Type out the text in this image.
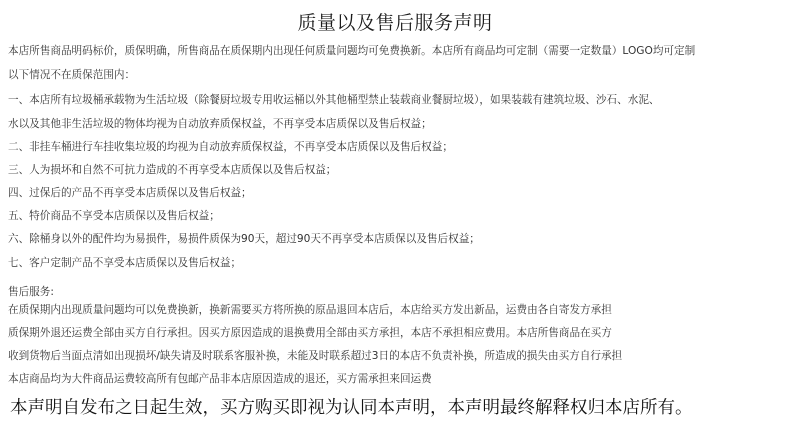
质量以及售后服务声明
本店所售商品明码标价，质保明确，所售商品在质保期内出现任何质量问题均可免费换新。本店所有商品均可定制（需要一定数量）LOGO均可定制
以下情况不在质保范围内：
一、本店所有垃圾桶承载物为生活垃圾（除餐厨垃圾专用收运桶以外其他桶型禁止装载商业餐厨垃圾），如果装载有建筑垃圾、沙石、水泥、
水以及其他非生活垃圾的物体均视为自动放弃质保权益，不再享受本店质保以及售后权益；
二、非挂车桶进行车挂收集垃圾的均视为自动放弃质保权益，不再享受本店质保以及售后权益；
三、人为损坏和自然不可抗力造成的不再享受本店质保以及售后权益；
四、过保后的产品不再享受本店质保以及售后权益；
五、特价商品不享受本店质保以及售后权益；
六、除桶身以外的配件均为易损件，易损件质保为90天，超过90天不再享受本店质保以及售后权益；
七、客户定制产品不享受本店质保以及售后权益；
售后服务:
在质保期内出现质量问题均可以免费换新，换新需要买方将所换的原品退回本店后，本店给买方发出新品，运费由各自寄发方承担
质保期外退还运费全部由买方自行承担。因买方原因造成的退换费用全部由买方承担，本店不承担相应费用。本店所售商品在买方
收到货物后当面点清如出现损坏/缺失请及时联系客服补换，未能及时联系超过3日的本店不负责补换，所造成的损失由买方自行承担
本店商品均为大件商品运费较高所有包邮产品非本店原因造成的退还，买方需承担来回运费
本声明自发布之日起生效，买方购买即视为认同本声明，本声明最终解释权归本店所有。
